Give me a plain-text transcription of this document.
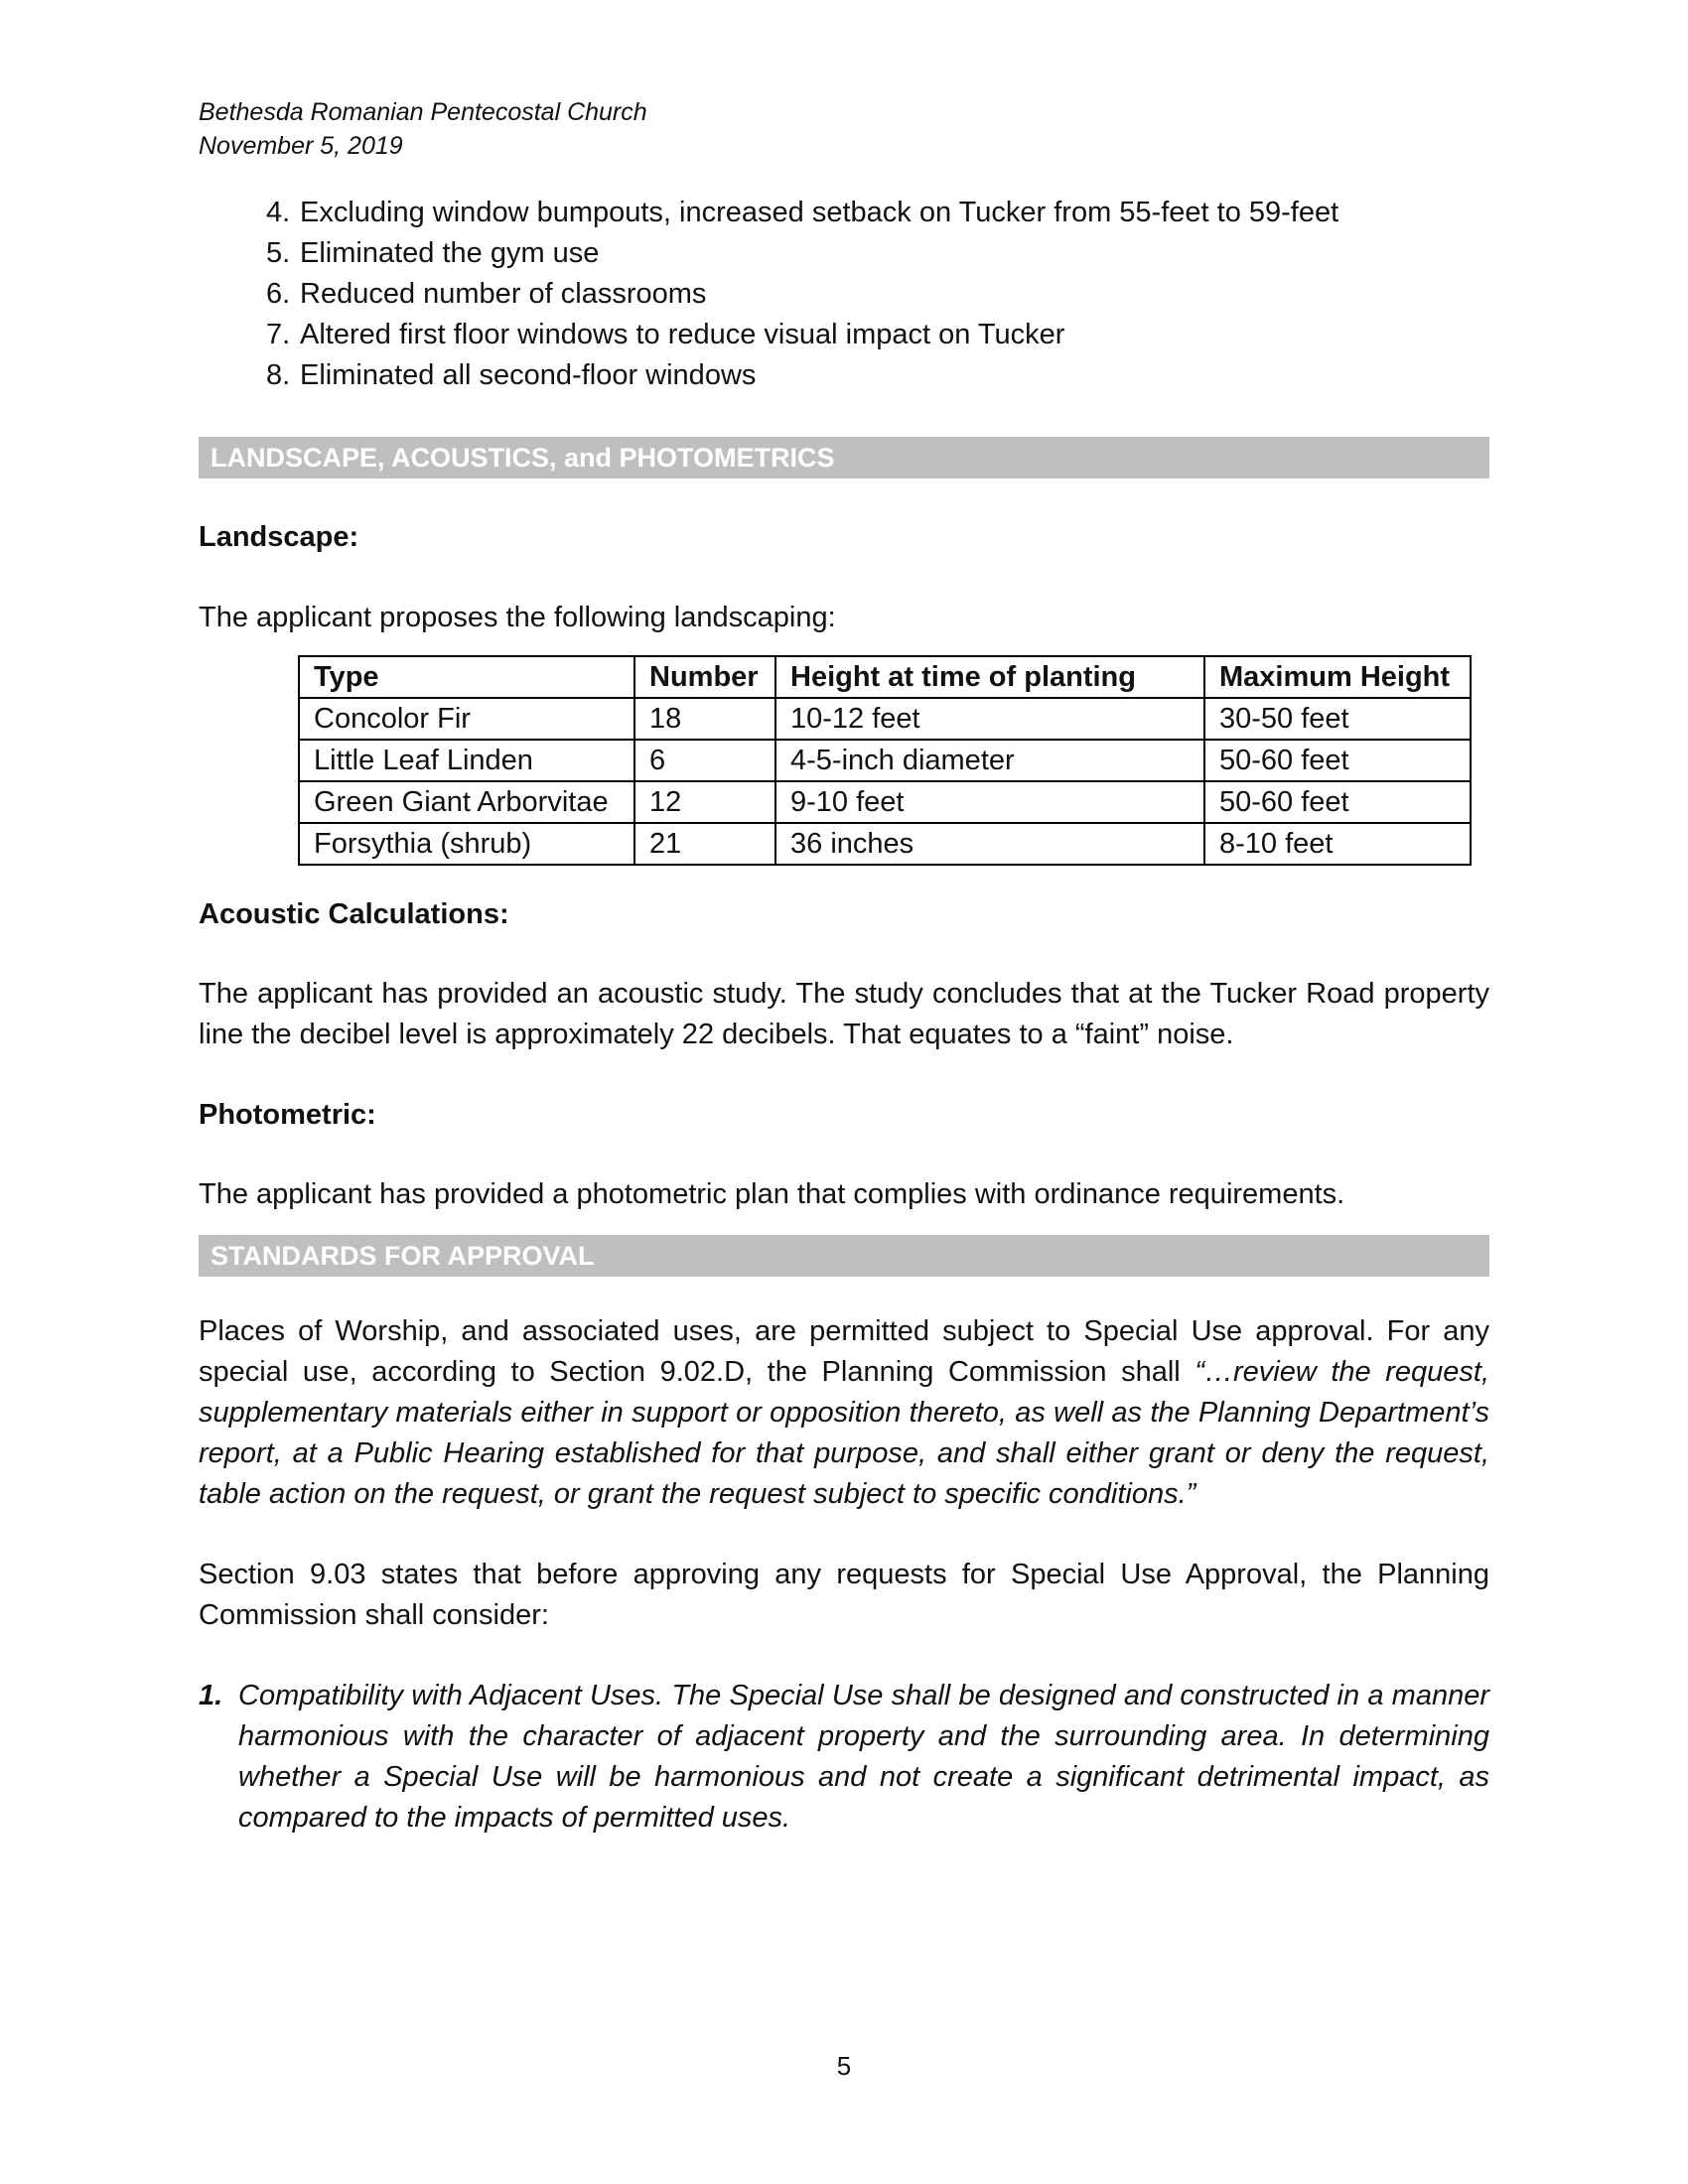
Bethesda Romanian Pentecostal Church
November 5, 2019
4. Excluding window bumpouts, increased setback on Tucker from 55-feet to 59-feet
5. Eliminated the gym use
6. Reduced number of classrooms
7. Altered first floor windows to reduce visual impact on Tucker
8. Eliminated all second-floor windows
LANDSCAPE, ACOUSTICS, and PHOTOMETRICS
Landscape:
The applicant proposes the following landscaping:
Type	Number	Height at time of planting	Maximum Height
Concolor Fir	18	10-12 feet	30-50 feet
Little Leaf Linden	6	4-5-inch diameter	50-60 feet
Green Giant Arborvitae	12	9-10 feet	50-60 feet
Forsythia (shrub)	21	36 inches	8-10 feet
Acoustic Calculations:
The applicant has provided an acoustic study. The study concludes that at the Tucker Road property line the decibel level is approximately 22 decibels. That equates to a “faint” noise.
Photometric:
The applicant has provided a photometric plan that complies with ordinance requirements.
STANDARDS FOR APPROVAL
Places of Worship, and associated uses, are permitted subject to Special Use approval. For any special use, according to Section 9.02.D, the Planning Commission shall “…review the request, supplementary materials either in support or opposition thereto, as well as the Planning Department’s report, at a Public Hearing established for that purpose, and shall either grant or deny the request, table action on the request, or grant the request subject to specific conditions.”
Section 9.03 states that before approving any requests for Special Use Approval, the Planning Commission shall consider:
1. Compatibility with Adjacent Uses. The Special Use shall be designed and constructed in a manner harmonious with the character of adjacent property and the surrounding area. In determining whether a Special Use will be harmonious and not create a significant detrimental impact, as compared to the impacts of permitted uses.
5
